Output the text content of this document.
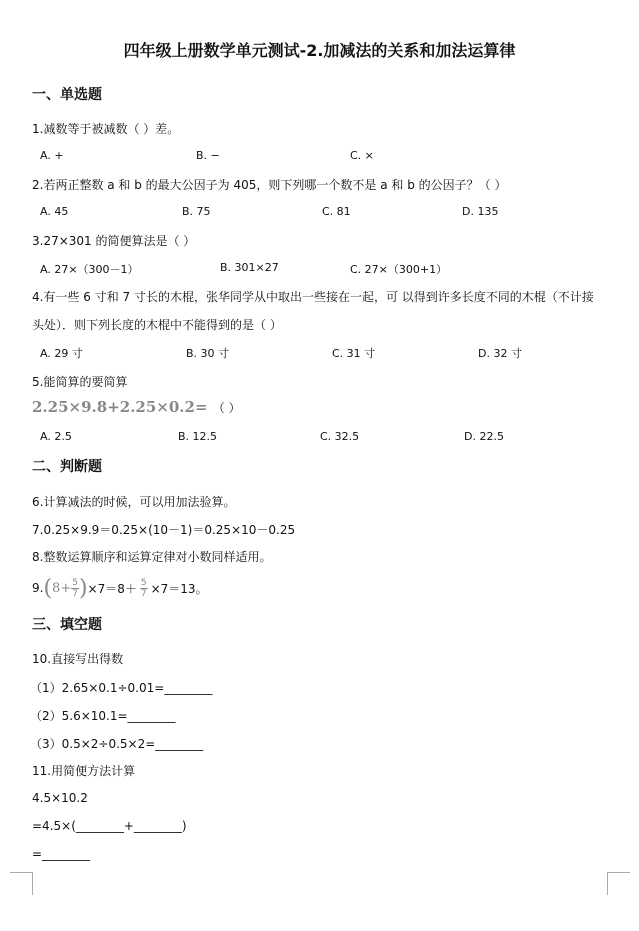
四年级上册数学单元测试-2.加减法的关系和加法运算律
一、单选题
1.减数等于被减数（ ）差。
A. +	B. −	C. ×
2.若两正整数 a 和 b 的最大公因子为 405，则下列哪一个数不是 a 和 b 的公因子？（ ）
A. 45	B. 75	C. 81	D. 135
3.27×301 的简便算法是（ ）
A. 27×（300－1）	B. 301×27	C. 27×（300+1）
4.有一些 6 寸和 7 寸长的木棍，张华同学从中取出一些接在一起，可 以得到许多长度不同的木棍（不计接
头处）．则下列长度的木棍中不能得到的是（ ）
A. 29 寸	B. 30 寸	C. 31 寸	D. 32 寸
5.能简算的要简算
2.25×9.8+2.25×0.2= （ ）
A. 2.5	B. 12.5	C. 32.5	D. 22.5
二、判断题
6.计算减法的时候，可以用加法验算。
7.0.25×9.9＝0.25×(10－1)＝0.25×10－0.25
8.整数运算顺序和运算定律对小数同样适用。
9. ( $8+ \frac{5}{7}$ ) $\times 7=8+ \frac{5}{7} \times 7=13$。
三、填空题
10.直接写出得数
（1）2.65×0.1÷0.01=________
（2）5.6×10.1=________
（3）0.5×2÷0.5×2=________
11.用简便方法计算
4.5×10.2
=4.5×(________+________)
=________
